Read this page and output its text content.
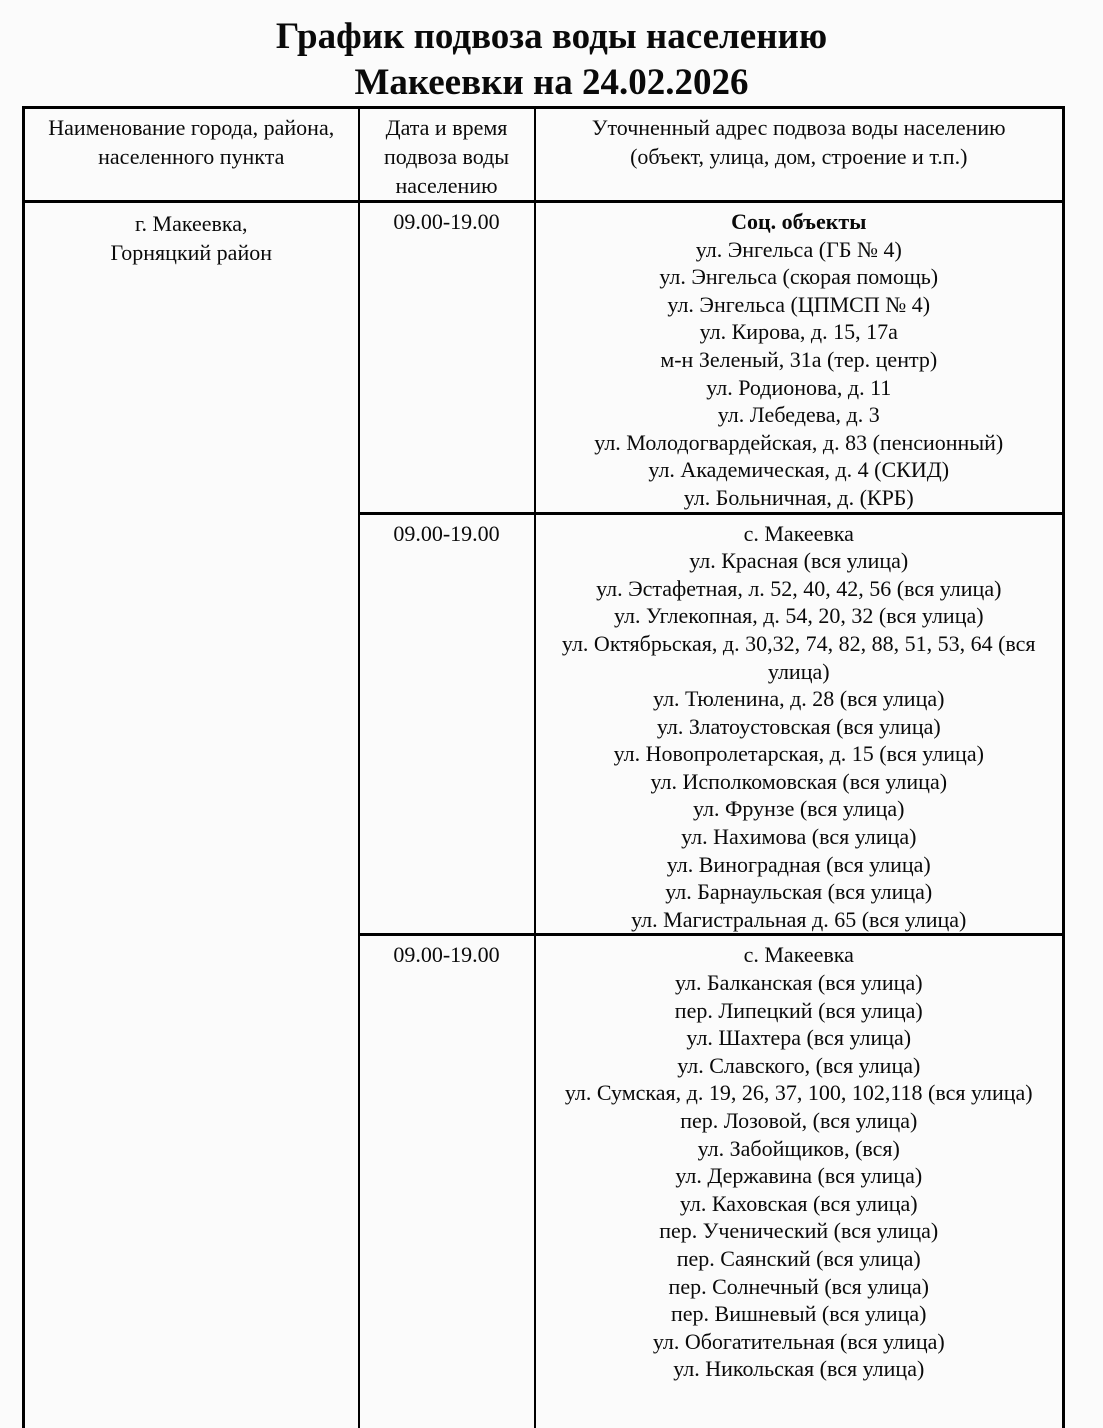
График подвоза воды населению
Макеевки на 24.02.2026
Наименование города, района,
населенного пункта

Дата и время
подвоза воды
населению

Уточненный адрес подвоза воды населению
(объект, улица, дом, строение и т.п.)

г. Макеевка,
Горняцкий район
	09.00-19.00	Соц. объекты
ул. Энгельса (ГБ № 4)
ул. Энгельса (скорая помощь)
ул. Энгельса (ЦПМСП № 4)
ул. Кирова, д. 15, 17а
м-н Зеленый, 31а (тер. центр)
ул. Родионова, д. 11
ул. Лебедева, д. 3
ул. Молодогвардейская, д. 83 (пенсионный)
ул. Академическая, д. 4 (СКИД)
ул. Больничная, д. (КРБ)

09.00-19.00	с. Макеевка
ул. Красная (вся улица)
ул. Эстафетная, л. 52, 40, 42, 56 (вся улица)
ул. Углекопная, д. 54, 20, 32 (вся улица)
ул. Октябрьская, д. 30,32, 74, 82, 88, 51, 53, 64 (вся улица)
ул. Тюленина, д. 28 (вся улица)
ул. Златоустовская (вся улица)
ул. Новопролетарская, д. 15 (вся улица)
ул. Исполкомовская (вся улица)
ул. Фрунзе (вся улица)
ул. Нахимова (вся улица)
ул. Виноградная (вся улица)
ул. Барнаульская (вся улица)
ул. Магистральная д. 65 (вся улица)

09.00-19.00	с. Макеевка
ул. Балканская (вся улица)
пер. Липецкий (вся улица)
ул. Шахтера (вся улица)
ул. Славского, (вся улица)
ул. Сумская, д. 19, 26, 37, 100, 102,118 (вся улица)
пер. Лозовой, (вся улица)
ул. Забойщиков, (вся)
ул. Державина (вся улица)
ул. Каховская (вся улица)
пер. Ученический (вся улица)
пер. Саянский (вся улица)
пер. Солнечный (вся улица)
пер. Вишневый (вся улица)
ул. Обогатительная (вся улица)
ул. Никольская (вся улица)
